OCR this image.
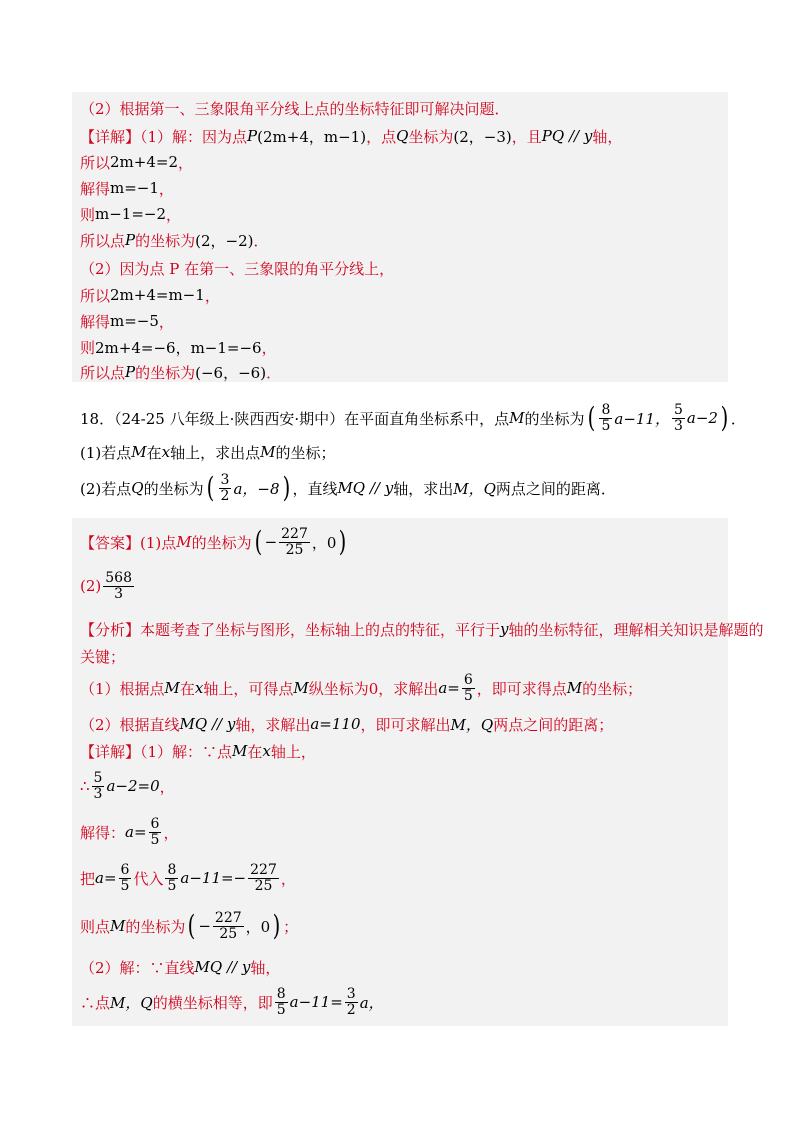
（2）根据第一、三象限角平分线上点的坐标特征即可解决问题．
【详解】（1）解：因为点 P (2m+4，m−1) ，点 Q 坐标为 (2，−3) ，且 PQ // y 轴，
所以 2m+4=2 ，
解得 m=−1 ，
则 m−1=−2 ，
所以点 P 的坐标为 (2，−2) ．
（2）因为点 P 在第一、三象限的角平分线上，
所以 2m+4=m−1 ，
解得 m=−5 ，
则 2m+4=−6，m−1=−6 ，
所以点 P 的坐标为 (−6，−6) ．
18．（24-25 八年级上·陕西西安·期中）在平面直角坐标系中，点 M 的坐标为 ( $\frac{8}{5} a-11$， $\frac{5}{3} a-2$ ) ．
(1)若点 M 在 x 轴上，求出点 M 的坐标；
(2)若点 Q 的坐标为 ( $\frac{3}{2}$ a，−8 ) ，直线 MQ // y 轴，求出 M，Q 两点之间的距离．
【答案】(1)点 M 的坐标为 ( − $\frac{227}{25}$ ，0 )
$(2) \frac{568}{3}$
【分析】本题考查了坐标与图形，坐标轴上的点的特征，平行于 y 轴的坐标特征，理解相关知识是解题的
关键；
（1）根据点 M 在 x 轴上，可得点 M 纵坐标为0，求解出 $a= \frac{6}{5}$ ，即可求得点 M 的坐标；
（2）根据直线 MQ // y 轴，求解出 a=110 ，即可求解出 M，Q 两点之间的距离；
【详解】（1）解：∵点 M 在 x 轴上，
∴ $\frac{5}{3} a-2=0$ ，
解得： $a= \frac{6}{5}$ ，
把 $a= \frac{6}{5}$ 代入 $\frac{8}{5} a-11=- \frac{227}{25}$ ，
则点 M 的坐标为 ( − $\frac{227}{25}$ ，0 ) ；
（2）解：∵直线 MQ // y 轴，
∴点 M，Q 的横坐标相等，即 $\frac{8}{5} a-11= \frac{3}{2}$ a，
